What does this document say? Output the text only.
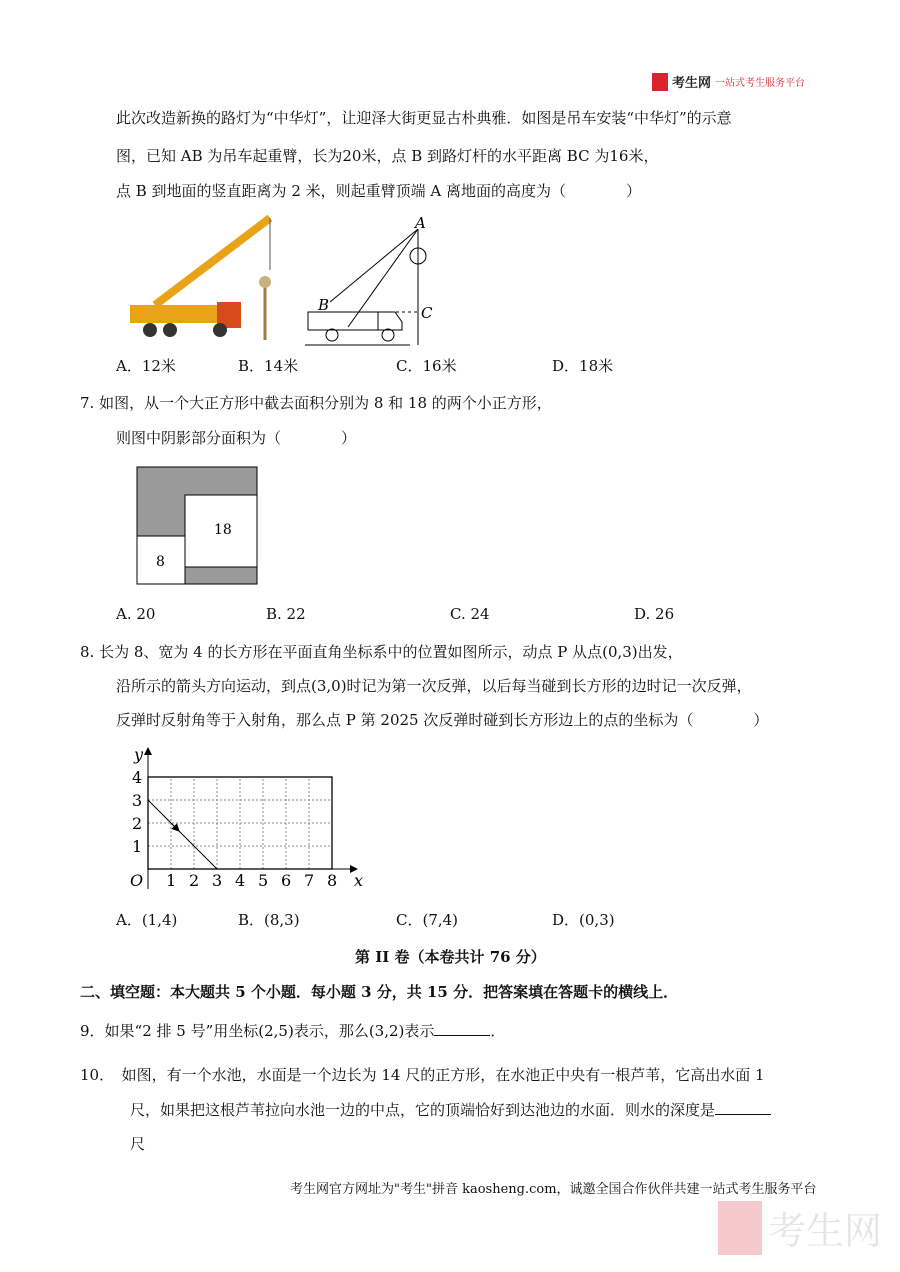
考生网 一站式考生服务平台
此次改造新换的路灯为“中华灯”，让迎泽大街更显古朴典雅．如图是吊车安装“中华灯”的示意
图，已知 AB 为吊车起重臂，长为20米，点 B 到路灯杆的水平距离 BC 为16米，
点 B 到地面的竖直距离为 2 米，则起重臂顶端 A 离地面的高度为（　　　　）
A
B	C
A．12米	B．14米	C．16米	D．18米
7. 如图，从一个大正方形中截去面积分别为 8 和 18 的两个小正方形，
则图中阴影部分面积为（　　　　）
8
18
A. 20	B. 22	C. 24	D. 26
8. 长为 8、宽为 4 的长方形在平面直角坐标系中的位置如图所示，动点 P 从点(0,3)出发，
沿所示的箭头方向运动，到点(3,0)时记为第一次反弹，以后每当碰到长方形的边时记一次反弹，
反弹时反射角等于入射角，那么点 P 第 2025 次反弹时碰到长方形边上的点的坐标为（　　　　）
1 2 3 4 5 6 7 8
1
2
3
4
O	x
y
A．(1,4)	B．(8,3)	C．(7,4)	D．(0,3)
第 II 卷（本卷共计 76 分）
二、填空题：本大题共 5 个小题．每小题 3 分，共 15 分．把答案填在答题卡的横线上．
9．如果“2 排 5 号”用坐标(2,5)表示，那么(3,2)表示	．
10．　如图，有一个水池，水面是一个边长为 14 尺的正方形，在水池正中央有一根芦苇，它高出水面 1
尺，如果把这根芦苇拉向水池一边的中点，它的顶端恰好到达池边的水面．则水的深度是
尺
考生网官方网址为"考生"拼音 kaosheng.com，诚邀全国合作伙伴共建一站式考生服务平台
考生网
